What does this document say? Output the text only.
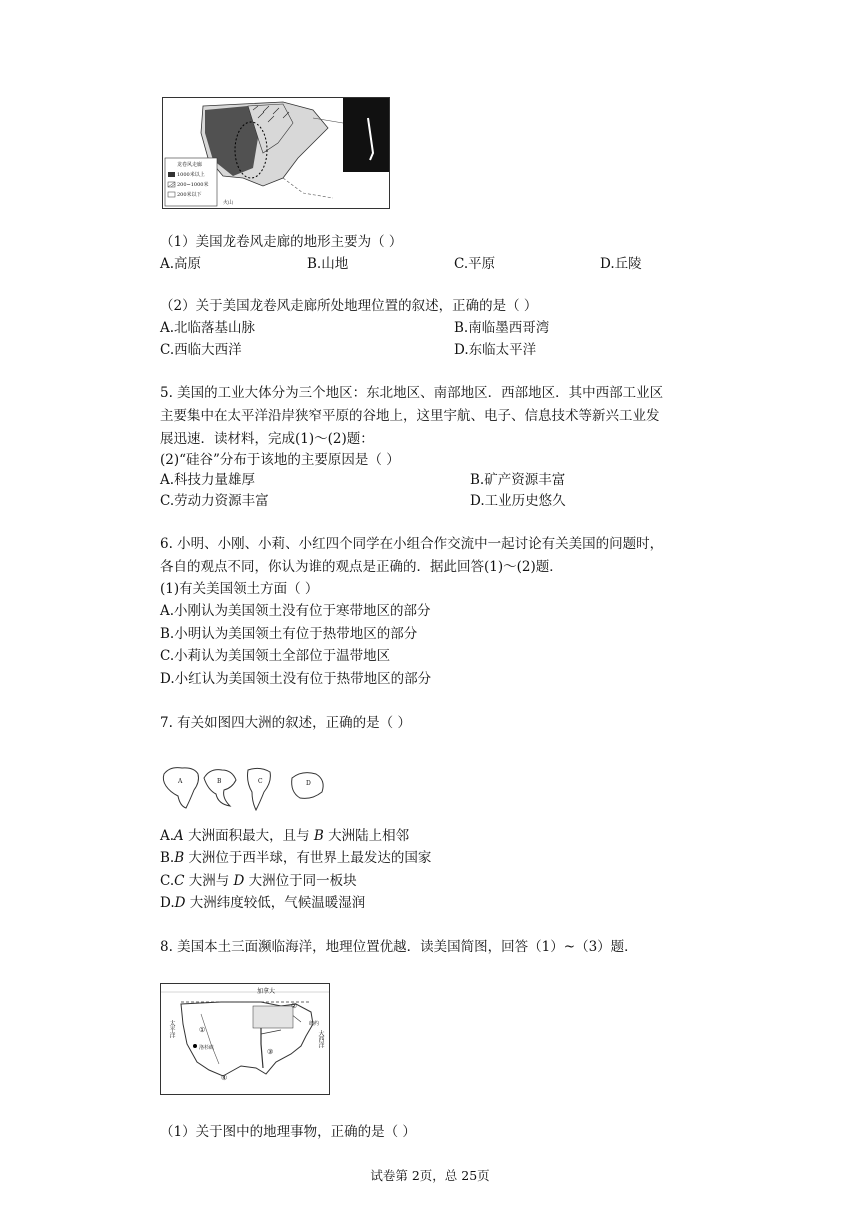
龙卷风走廊
1000米以上
200~1000米
200米以下
火山
（1）美国龙卷风走廊的地形主要为（ ）
A.高原	B.山地	C.平原	D.丘陵
（2）关于美国龙卷风走廊所处地理位置的叙述，正确的是（ ）
A.北临落基山脉	B.南临墨西哥湾
C.西临大西洋	D.东临太平洋
5. 美国的工业大体分为三个地区：东北地区、南部地区．西部地区．其中西部工业区
主要集中在太平洋沿岸狭窄平原的谷地上，这里宇航、电子、信息技术等新兴工业发
展迅速．读材料，完成(1)～(2)题：
(2)“硅谷”分布于该地的主要原因是（ ）
A.科技力量雄厚	B.矿产资源丰富
C.劳动力资源丰富	D.工业历史悠久
6. 小明、小刚、小莉、小红四个同学在小组合作交流中一起讨论有关美国的问题时，
各自的观点不同，你认为谁的观点是正确的．据此回答(1)～(2)题．
(1)有关美国领土方面（ ）
A.小刚认为美国领土没有位于寒带地区的部分
B.小明认为美国领土有位于热带地区的部分
C.小莉认为美国领土全部位于温带地区
D.小红认为美国领土没有位于热带地区的部分
7. 有关如图四大洲的叙述，正确的是（ ）
A	B	C	D
A.𝐴 大洲面积最大，且与 𝐵 大洲陆上相邻
B.𝐵 大洲位于西半球，有世界上最发达的国家
C.𝐶 大洲与 𝐷 大洲位于同一板块
D.𝐷 大洲纬度较低，气候温暖湿润
8. 美国本土三面濒临海洋，地理位置优越．读美国简图，回答（1）~（3）题．
加拿大
太平洋
大西洋
洛杉矶
纽约
①
②
③
④
（1）关于图中的地理事物，正确的是（ ）
试卷第 2页，总 25页
